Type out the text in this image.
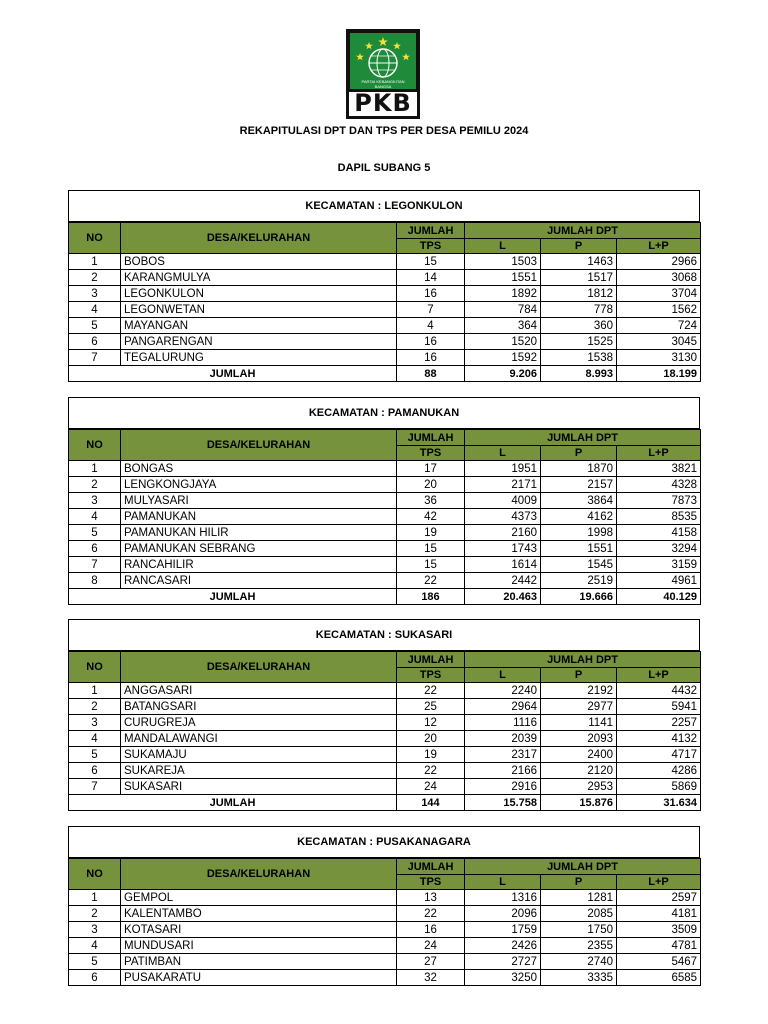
PARTAI KEBANGKITAN BANGSA
PKB
REKAPITULASI DPT DAN TPS PER DESA PEMILU 2024
DAPIL SUBANG 5
KECAMATAN : LEGONKULON
NO	DESA/KELURAHAN	JUMLAH	JUMLAH DPT		
		TPS	L	P	L+P
1	BOBOS	15	1503	1463	2966
2	KARANGMULYA	14	1551	1517	3068
3	LEGONKULON	16	1892	1812	3704
4	LEGONWETAN	7	784	778	1562
5	MAYANGAN	4	364	360	724
6	PANGARENGAN	16	1520	1525	3045
7	TEGALURUNG	16	1592	1538	3130
JUMLAH		88	9.206	8.993	18.199
KECAMATAN : PAMANUKAN
NO	DESA/KELURAHAN	JUMLAH	JUMLAH DPT		
		TPS	L	P	L+P
1	BONGAS	17	1951	1870	3821
2	LENGKONGJAYA	20	2171	2157	4328
3	MULYASARI	36	4009	3864	7873
4	PAMANUKAN	42	4373	4162	8535
5	PAMANUKAN HILIR	19	2160	1998	4158
6	PAMANUKAN SEBRANG	15	1743	1551	3294
7	RANCAHILIR	15	1614	1545	3159
8	RANCASARI	22	2442	2519	4961
JUMLAH		186	20.463	19.666	40.129
KECAMATAN : SUKASARI
NO	DESA/KELURAHAN	JUMLAH	JUMLAH DPT		
		TPS	L	P	L+P
1	ANGGASARI	22	2240	2192	4432
2	BATANGSARI	25	2964	2977	5941
3	CURUGREJA	12	1116	1141	2257
4	MANDALAWANGI	20	2039	2093	4132
5	SUKAMAJU	19	2317	2400	4717
6	SUKAREJA	22	2166	2120	4286
7	SUKASARI	24	2916	2953	5869
JUMLAH		144	15.758	15.876	31.634
KECAMATAN : PUSAKANAGARA
NO	DESA/KELURAHAN	JUMLAH	JUMLAH DPT		
		TPS	L	P	L+P
1	GEMPOL	13	1316	1281	2597
2	KALENTAMBO	22	2096	2085	4181
3	KOTASARI	16	1759	1750	3509
4	MUNDUSARI	24	2426	2355	4781
5	PATIMBAN	27	2727	2740	5467
6	PUSAKARATU	32	3250	3335	6585
